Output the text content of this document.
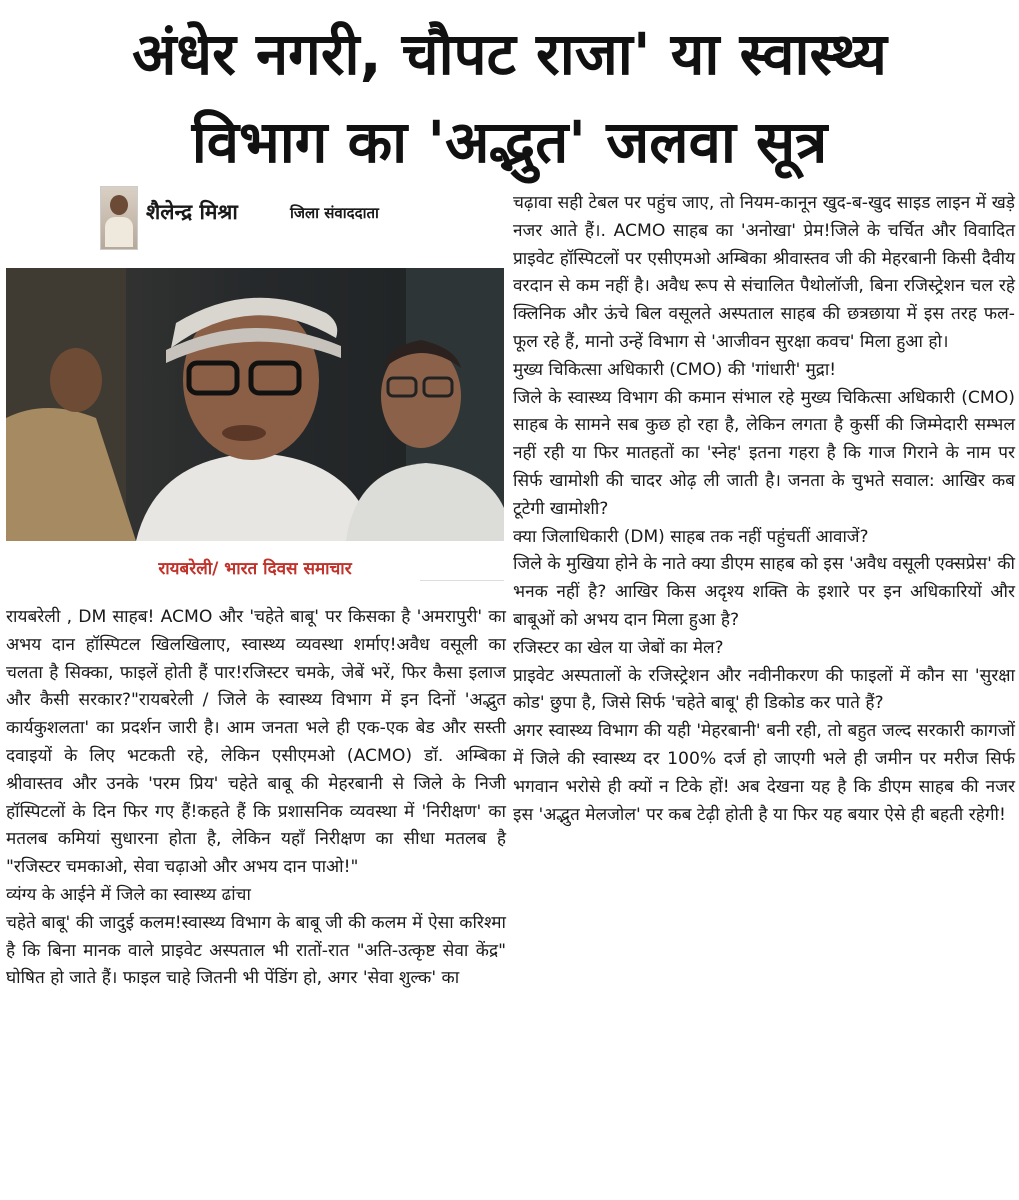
अंधेर नगरी, चौपट राजा' या स्वास्थ्य
विभाग का 'अद्भुत' जलवा सूत्र
शैलेन्द्र मिश्रा	जिला संवाददाता
रायबरेली/ भारत दिवस समाचार

रायबरेली , DM साहब! ACMO और 'चहेते बाबू' पर किसका है 'अमरापुरी' का अभय दान हॉस्पिटल खिलखिलाए, स्वास्थ्य व्यवस्था शर्माए!अवैध वसूली का चलता है सिक्का, फाइलें होती हैं पार!रजिस्टर चमके, जेबें भरें, फिर कैसा इलाज और कैसी सरकार?"रायबरेली / जिले के स्वास्थ्य विभाग में इन दिनों 'अद्भुत कार्यकुशलता' का प्रदर्शन जारी है। आम जनता भले ही एक-एक बेड और सस्ती दवाइयों के लिए भटकती रहे, लेकिन एसीएमओ (ACMO) डॉ. अम्बिका श्रीवास्तव और उनके 'परम प्रिय' चहेते बाबू की मेहरबानी से जिले के निजी हॉस्पिटलों के दिन फिर गए हैं!कहते हैं कि प्रशासनिक व्यवस्था में 'निरीक्षण' का मतलब कमियां सुधारना होता है, लेकिन यहाँ निरीक्षण का सीधा मतलब है "रजिस्टर चमकाओ, सेवा चढ़ाओ और अभय दान पाओ!"

व्यंग्य के आईने में जिले का स्वास्थ्य ढांचा

चहेते बाबू' की जादुई कलम!स्वास्थ्य विभाग के बाबू जी की कलम में ऐसा करिश्मा है कि बिना मानक वाले प्राइवेट अस्पताल भी रातों-रात "अति-उत्कृष्ट सेवा केंद्र" घोषित हो जाते हैं। फाइल चाहे जितनी भी पेंडिंग हो, अगर 'सेवा शुल्क' का

चढ़ावा सही टेबल पर पहुंच जाए, तो नियम-कानून खुद-ब-खुद साइड लाइन में खड़े नजर आते हैं।. ACMO साहब का 'अनोखा' प्रेम!जिले के चर्चित और विवादित प्राइवेट हॉस्पिटलों पर एसीएमओ अम्बिका श्रीवास्तव जी की मेहरबानी किसी दैवीय वरदान से कम नहीं है। अवैध रूप से संचालित पैथोलॉजी, बिना रजिस्ट्रेशन चल रहे क्लिनिक और ऊंचे बिल वसूलते अस्पताल साहब की छत्रछाया में इस तरह फल-फूल रहे हैं, मानो उन्हें विभाग से 'आजीवन सुरक्षा कवच' मिला हुआ हो।

मुख्य चिकित्सा अधिकारी (CMO) की 'गांधारी' मुद्रा!

जिले के स्वास्थ्य विभाग की कमान संभाल रहे मुख्य चिकित्सा अधिकारी (CMO) साहब के सामने सब कुछ हो रहा है, लेकिन लगता है कुर्सी की जिम्मेदारी सम्भल नहीं रही या फिर मातहतों का 'स्नेह' इतना गहरा है कि गाज गिराने के नाम पर सिर्फ खामोशी की चादर ओढ़ ली जाती है। जनता के चुभते सवाल: आखिर कब टूटेगी खामोशी?

क्या जिलाधिकारी (DM) साहब तक नहीं पहुंचतीं आवाजें?

जिले के मुखिया होने के नाते क्या डीएम साहब को इस 'अवैध वसूली एक्सप्रेस' की भनक नहीं है? आखिर किस अदृश्य शक्ति के इशारे पर इन अधिकारियों और बाबूओं को अभय दान मिला हुआ है?

रजिस्टर का खेल या जेबों का मेल?

प्राइवेट अस्पतालों के रजिस्ट्रेशन और नवीनीकरण की फाइलों में कौन सा 'सुरक्षा कोड' छुपा है, जिसे सिर्फ 'चहेते बाबू' ही डिकोड कर पाते हैं?

अगर स्वास्थ्य विभाग की यही 'मेहरबानी' बनी रही, तो बहुत जल्द सरकारी कागजों में जिले की स्वास्थ्य दर 100% दर्ज हो जाएगी भले ही जमीन पर मरीज सिर्फ भगवान भरोसे ही क्यों न टिके हों! अब देखना यह है कि डीएम साहब की नजर इस 'अद्भुत मेलजोल' पर कब टेढ़ी होती है या फिर यह बयार ऐसे ही बहती रहेगी!
